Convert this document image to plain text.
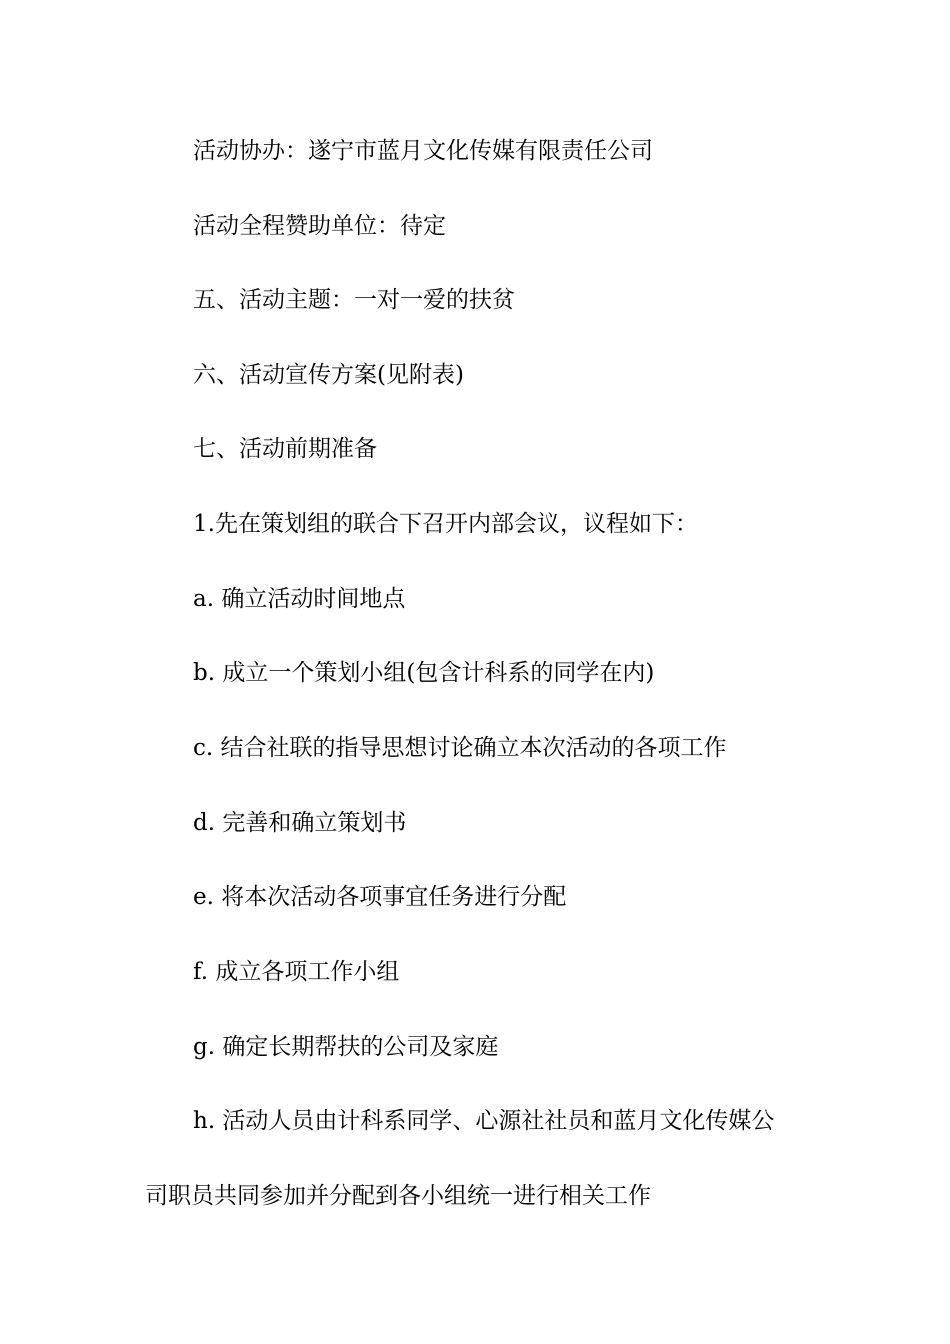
活动协办：遂宁市蓝月文化传媒有限责任公司
活动全程赞助单位：待定
五、活动主题：一对一爱的扶贫
六、活动宣传方案(见附表)
七、活动前期准备
1.先在策划组的联合下召开内部会议，议程如下：
a. 确立活动时间地点
b. 成立一个策划小组(包含计科系的同学在内)
c. 结合社联的指导思想讨论确立本次活动的各项工作
d. 完善和确立策划书
e. 将本次活动各项事宜任务进行分配
f. 成立各项工作小组
g. 确定长期帮扶的公司及家庭
h. 活动人员由计科系同学、心源社社员和蓝月文化传媒公
司职员共同参加并分配到各小组统一进行相关工作
